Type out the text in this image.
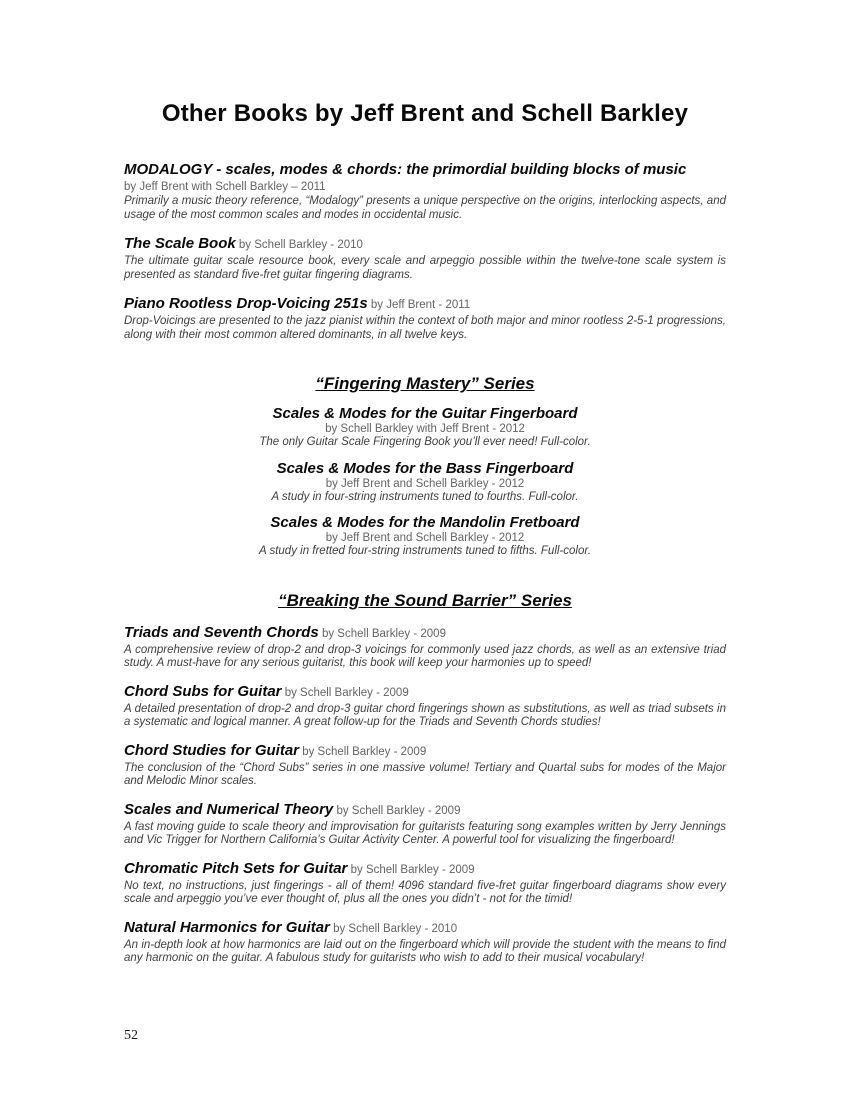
Other Books by Jeff Brent and Schell Barkley
MODALOGY - scales, modes & chords: the primordial building blocks of music
by Jeff Brent with Schell Barkley – 2011

Primarily a music theory reference, “Modalogy” presents a unique perspective on the origins, interlocking aspects, and usage of the most common scales and modes in occidental music.

The Scale Book by Schell Barkley - 2010

The ultimate guitar scale resource book, every scale and arpeggio possible within the twelve-tone scale system is presented as standard five-fret guitar fingering diagrams.

Piano Rootless Drop-Voicing 251s by Jeff Brent - 2011

Drop-Voicings are presented to the jazz pianist within the context of both major and minor rootless 2-5-1 progressions, along with their most common altered dominants, in all twelve keys.

“Fingering Mastery” Series
Scales & Modes for the Guitar Fingerboard
by Schell Barkley with Jeff Brent - 2012
The only Guitar Scale Fingering Book you’ll ever need! Full-color.
Scales & Modes for the Bass Fingerboard
by Jeff Brent and Schell Barkley - 2012
A study in four-string instruments tuned to fourths. Full-color.
Scales & Modes for the Mandolin Fretboard
by Jeff Brent and Schell Barkley - 2012
A study in fretted four-string instruments tuned to fifths. Full-color.
“Breaking the Sound Barrier” Series
Triads and Seventh Chords by Schell Barkley - 2009

A comprehensive review of drop-2 and drop-3 voicings for commonly used jazz chords, as well as an extensive triad study. A must-have for any serious guitarist, this book will keep your harmonies up to speed!

Chord Subs for Guitar by Schell Barkley - 2009

A detailed presentation of drop-2 and drop-3 guitar chord fingerings shown as substitutions, as well as triad subsets in a systematic and logical manner. A great follow-up for the Triads and Seventh Chords studies!

Chord Studies for Guitar by Schell Barkley - 2009

The conclusion of the “Chord Subs” series in one massive volume! Tertiary and Quartal subs for modes of the Major and Melodic Minor scales.

Scales and Numerical Theory by Schell Barkley - 2009

A fast moving guide to scale theory and improvisation for guitarists featuring song examples written by Jerry Jennings and Vic Trigger for Northern California’s Guitar Activity Center. A powerful tool for visualizing the fingerboard!

Chromatic Pitch Sets for Guitar by Schell Barkley - 2009

No text, no instructions, just fingerings - all of them! 4096 standard five-fret guitar fingerboard diagrams show every scale and arpeggio you’ve ever thought of, plus all the ones you didn’t - not for the timid!

Natural Harmonics for Guitar by Schell Barkley - 2010

An in-depth look at how harmonics are laid out on the fingerboard which will provide the student with the means to find any harmonic on the guitar. A fabulous study for guitarists who wish to add to their musical vocabulary!

52
